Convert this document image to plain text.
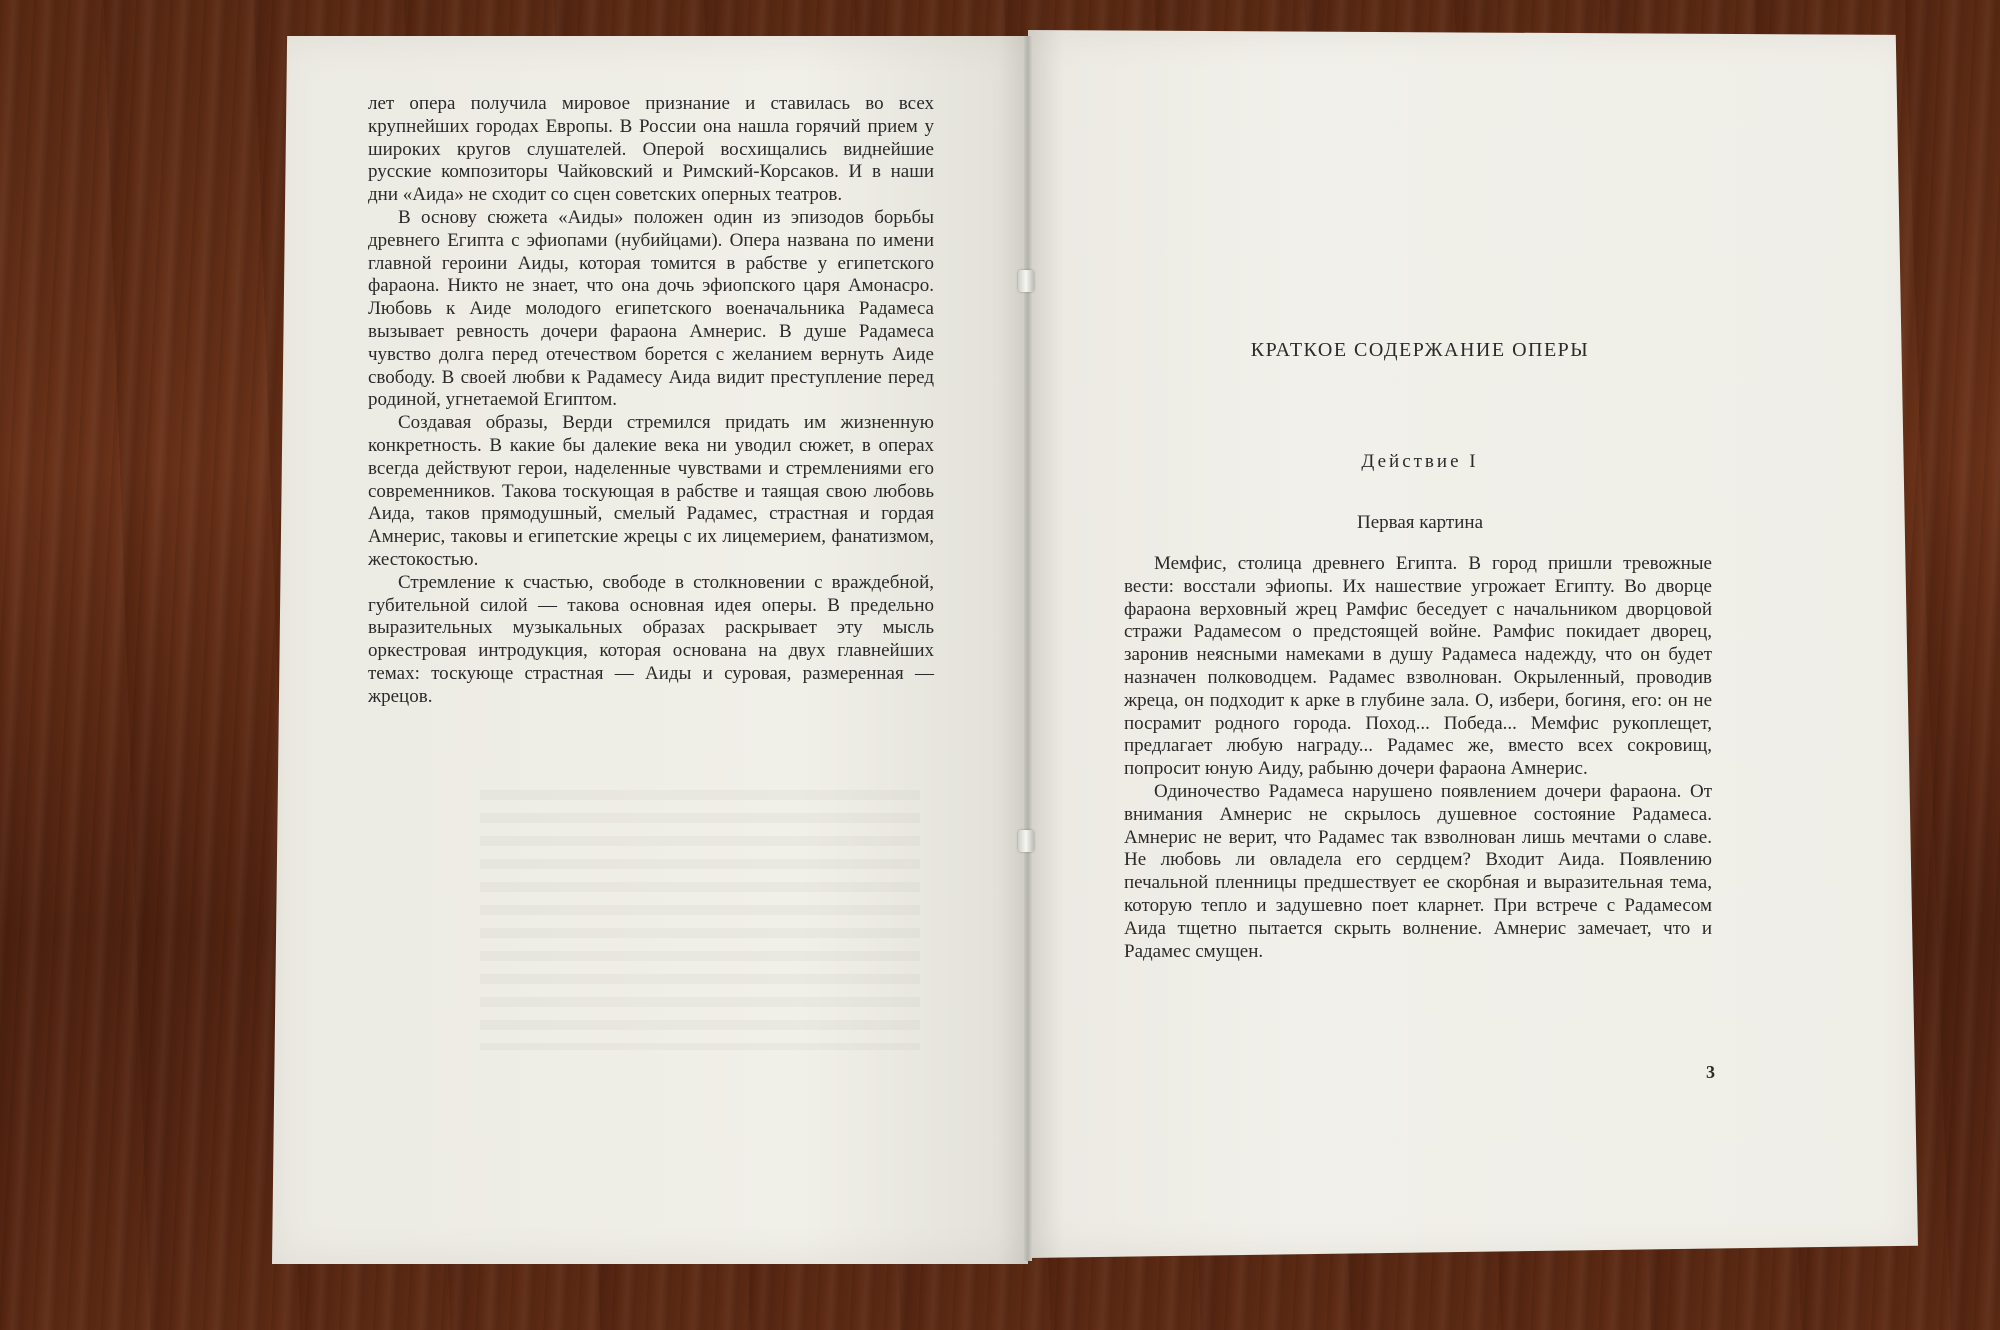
лет опера получила мировое признание и ставилась во всех крупнейших городах Европы. В России она нашла горячий прием у широких кругов слушателей. Оперой восхищались виднейшие русские композиторы Чайковский и Римский-Корсаков. И в наши дни «Аида» не сходит со сцен советских оперных театров.

В основу сюжета «Аиды» положен один из эпизодов борьбы древнего Египта с эфиопами (нубийцами). Опера названа по имени главной героини Аиды, которая томится в рабстве у египетского фараона. Никто не знает, что она дочь эфиопского царя Амонасро. Любовь к Аиде молодого египетского военачальника Радамеса вызывает ревность дочери фараона Амнерис. В душе Радамеса чувство долга перед отечеством борется с желанием вернуть Аиде свободу. В своей любви к Радамесу Аида видит преступление перед родиной, угнетаемой Египтом.

Создавая образы, Верди стремился придать им жизненную конкретность. В какие бы далекие века ни уводил сюжет, в операх всегда действуют герои, наделенные чувствами и стремлениями его современников. Такова тоскующая в рабстве и таящая свою любовь Аида, таков прямодушный, смелый Радамес, страстная и гордая Амнерис, таковы и египетские жрецы с их лицемерием, фанатизмом, жестокостью.

Стремление к счастью, свободе в столкновении с враждебной, губительной силой — такова основная идея оперы. В предельно выразительных музыкальных образах раскрывает эту мысль оркестровая интродукция, которая основана на двух главнейших темах: тоскующе страстная — Аиды и суровая, размеренная — жрецов.

КРАТКОЕ СОДЕРЖАНИЕ ОПЕРЫ
Действие I
Первая картина

Мемфис, столица древнего Египта. В город пришли тревожные вести: восстали эфиопы. Их нашествие угрожает Египту. Во дворце фараона верховный жрец Рамфис беседует с начальником дворцовой стражи Радамесом о предстоящей войне. Рамфис покидает дворец, заронив неясными намеками в душу Радамеса надежду, что он будет назначен полководцем. Радамес взволнован. Окрыленный, проводив жреца, он подходит к арке в глубине зала. О, избери, богиня, его: он не посрамит родного города. Поход... Победа... Мемфис рукоплещет, предлагает любую награду... Радамес же, вместо всех сокровищ, попросит юную Аиду, рабыню дочери фараона Амнерис.

Одиночество Радамеса нарушено появлением дочери фараона. От внимания Амнерис не скрылось душевное состояние Радамеса. Амнерис не верит, что Радамес так взволнован лишь мечтами о славе. Не любовь ли овладела его сердцем? Входит Аида. Появлению печальной пленницы предшествует ее скорбная и выразительная тема, которую тепло и задушевно поет кларнет. При встрече с Радамесом Аида тщетно пытается скрыть волнение. Амнерис замечает, что и Радамес смущен.

3
